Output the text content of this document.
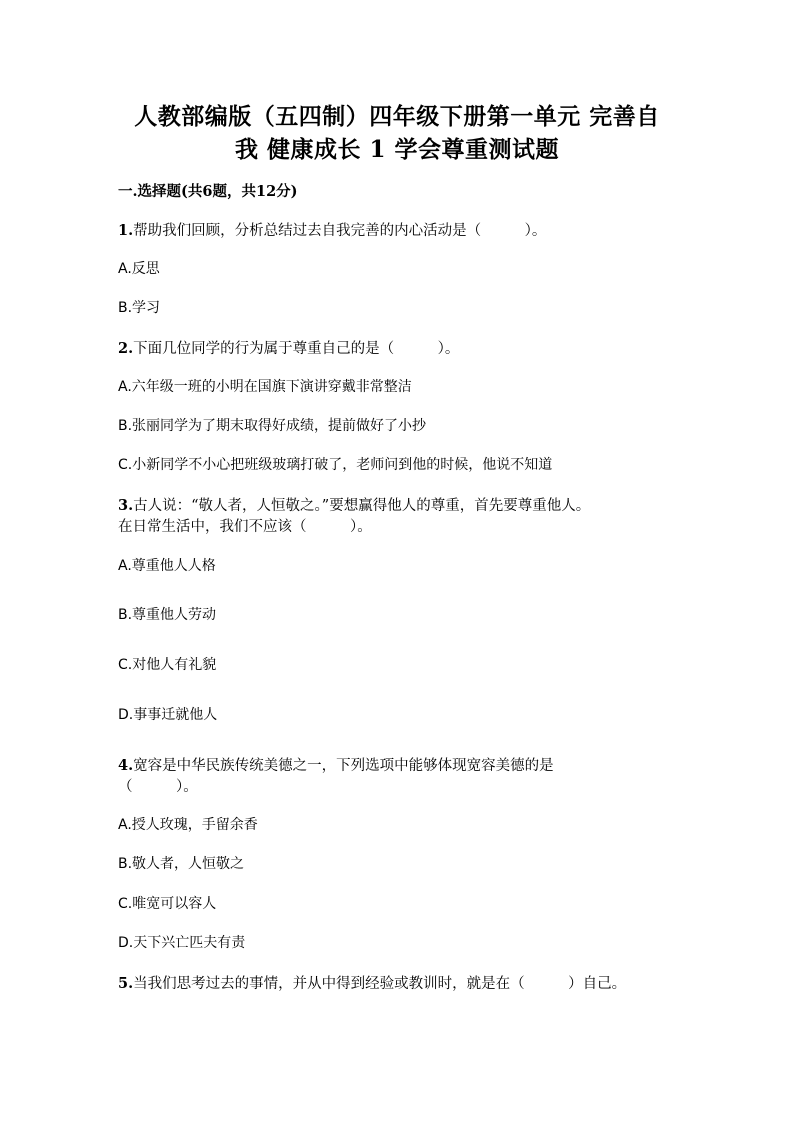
人教部编版（五四制）四年级下册第一单元 完善自
我 健康成长 1 学会尊重测试题
一.选择题(共6题，共12分)
1.帮助我们回顾，分析总结过去自我完善的内心活动是（　　　）。
A.反思
B.学习
2.下面几位同学的行为属于尊重自己的是（　　　）。
A.六年级一班的小明在国旗下演讲穿戴非常整洁
B.张丽同学为了期末取得好成绩，提前做好了小抄
C.小新同学不小心把班级玻璃打破了，老师问到他的时候，他说不知道
3.古人说：“敬人者，人恒敬之。”要想赢得他人的尊重，首先要尊重他人。
在日常生活中，我们不应该（　　　）。
A.尊重他人人格
B.尊重他人劳动
C.对他人有礼貌
D.事事迁就他人
4.宽容是中华民族传统美德之一，下列选项中能够体现宽容美德的是
（　　　）。
A.授人玫瑰，手留余香
B.敬人者，人恒敬之
C.唯宽可以容人
D.天下兴亡匹夫有责
5.当我们思考过去的事情，并从中得到经验或教训时，就是在（　　　）自己。
